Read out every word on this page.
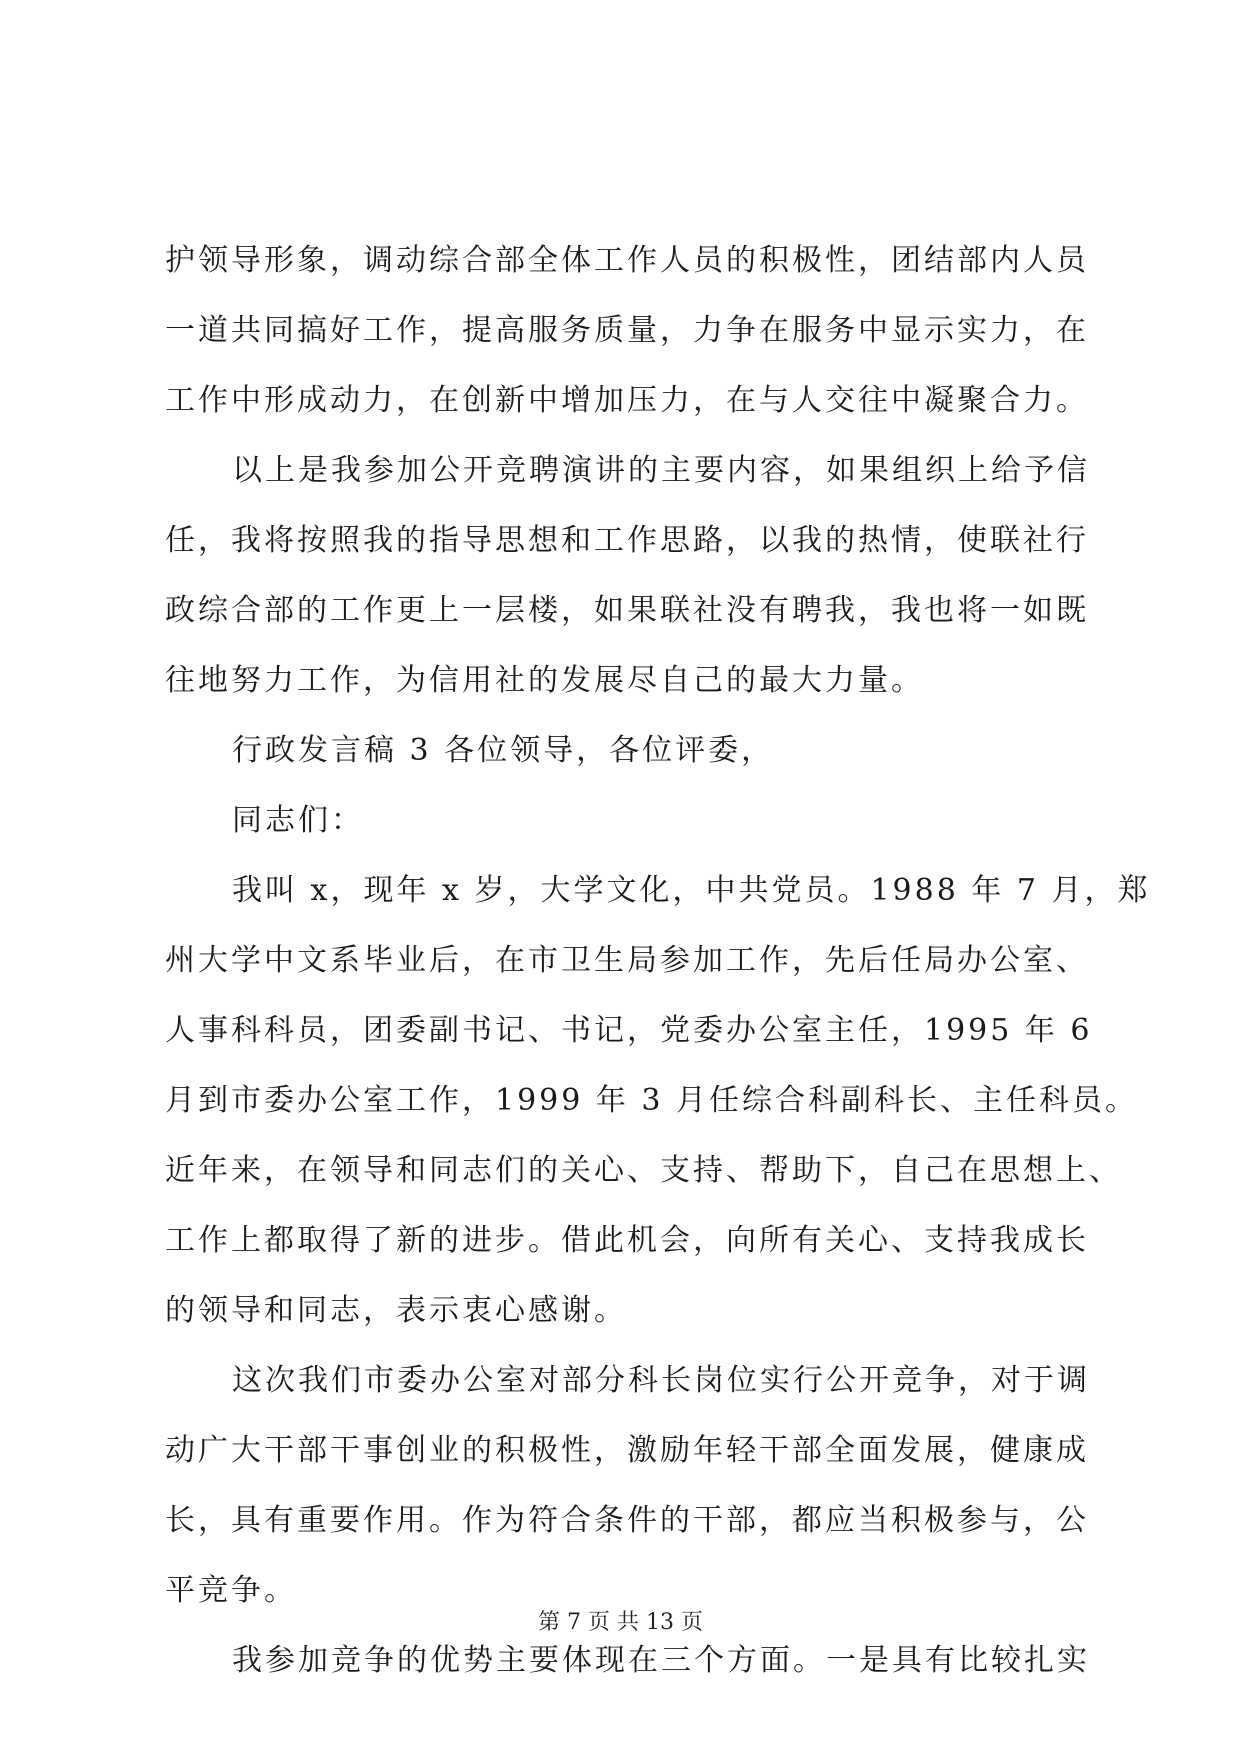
护领导形象，调动综合部全体工作人员的积极性，团结部内人员
一道共同搞好工作，提高服务质量，力争在服务中显示实力，在
工作中形成动力，在创新中增加压力，在与人交往中凝聚合力。
以上是我参加公开竞聘演讲的主要内容，如果组织上给予信
任，我将按照我的指导思想和工作思路，以我的热情，使联社行
政综合部的工作更上一层楼，如果联社没有聘我，我也将一如既
往地努力工作，为信用社的发展尽自己的最大力量。
行政发言稿 3 各位领导，各位评委，
同志们：
我叫 x，现年 x 岁，大学文化，中共党员。1988 年 7 月，郑
州大学中文系毕业后，在市卫生局参加工作，先后任局办公室、
人事科科员，团委副书记、书记，党委办公室主任，1995 年 6
月到市委办公室工作，1999 年 3 月任综合科副科长、主任科员。
近年来，在领导和同志们的关心、支持、帮助下，自己在思想上、
工作上都取得了新的进步。借此机会，向所有关心、支持我成长
的领导和同志，表示衷心感谢。
这次我们市委办公室对部分科长岗位实行公开竞争，对于调
动广大干部干事创业的积极性，激励年轻干部全面发展，健康成
长，具有重要作用。作为符合条件的干部，都应当积极参与，公
平竞争。
我参加竞争的优势主要体现在三个方面。一是具有比较扎实
第 7 页 共 13 页
